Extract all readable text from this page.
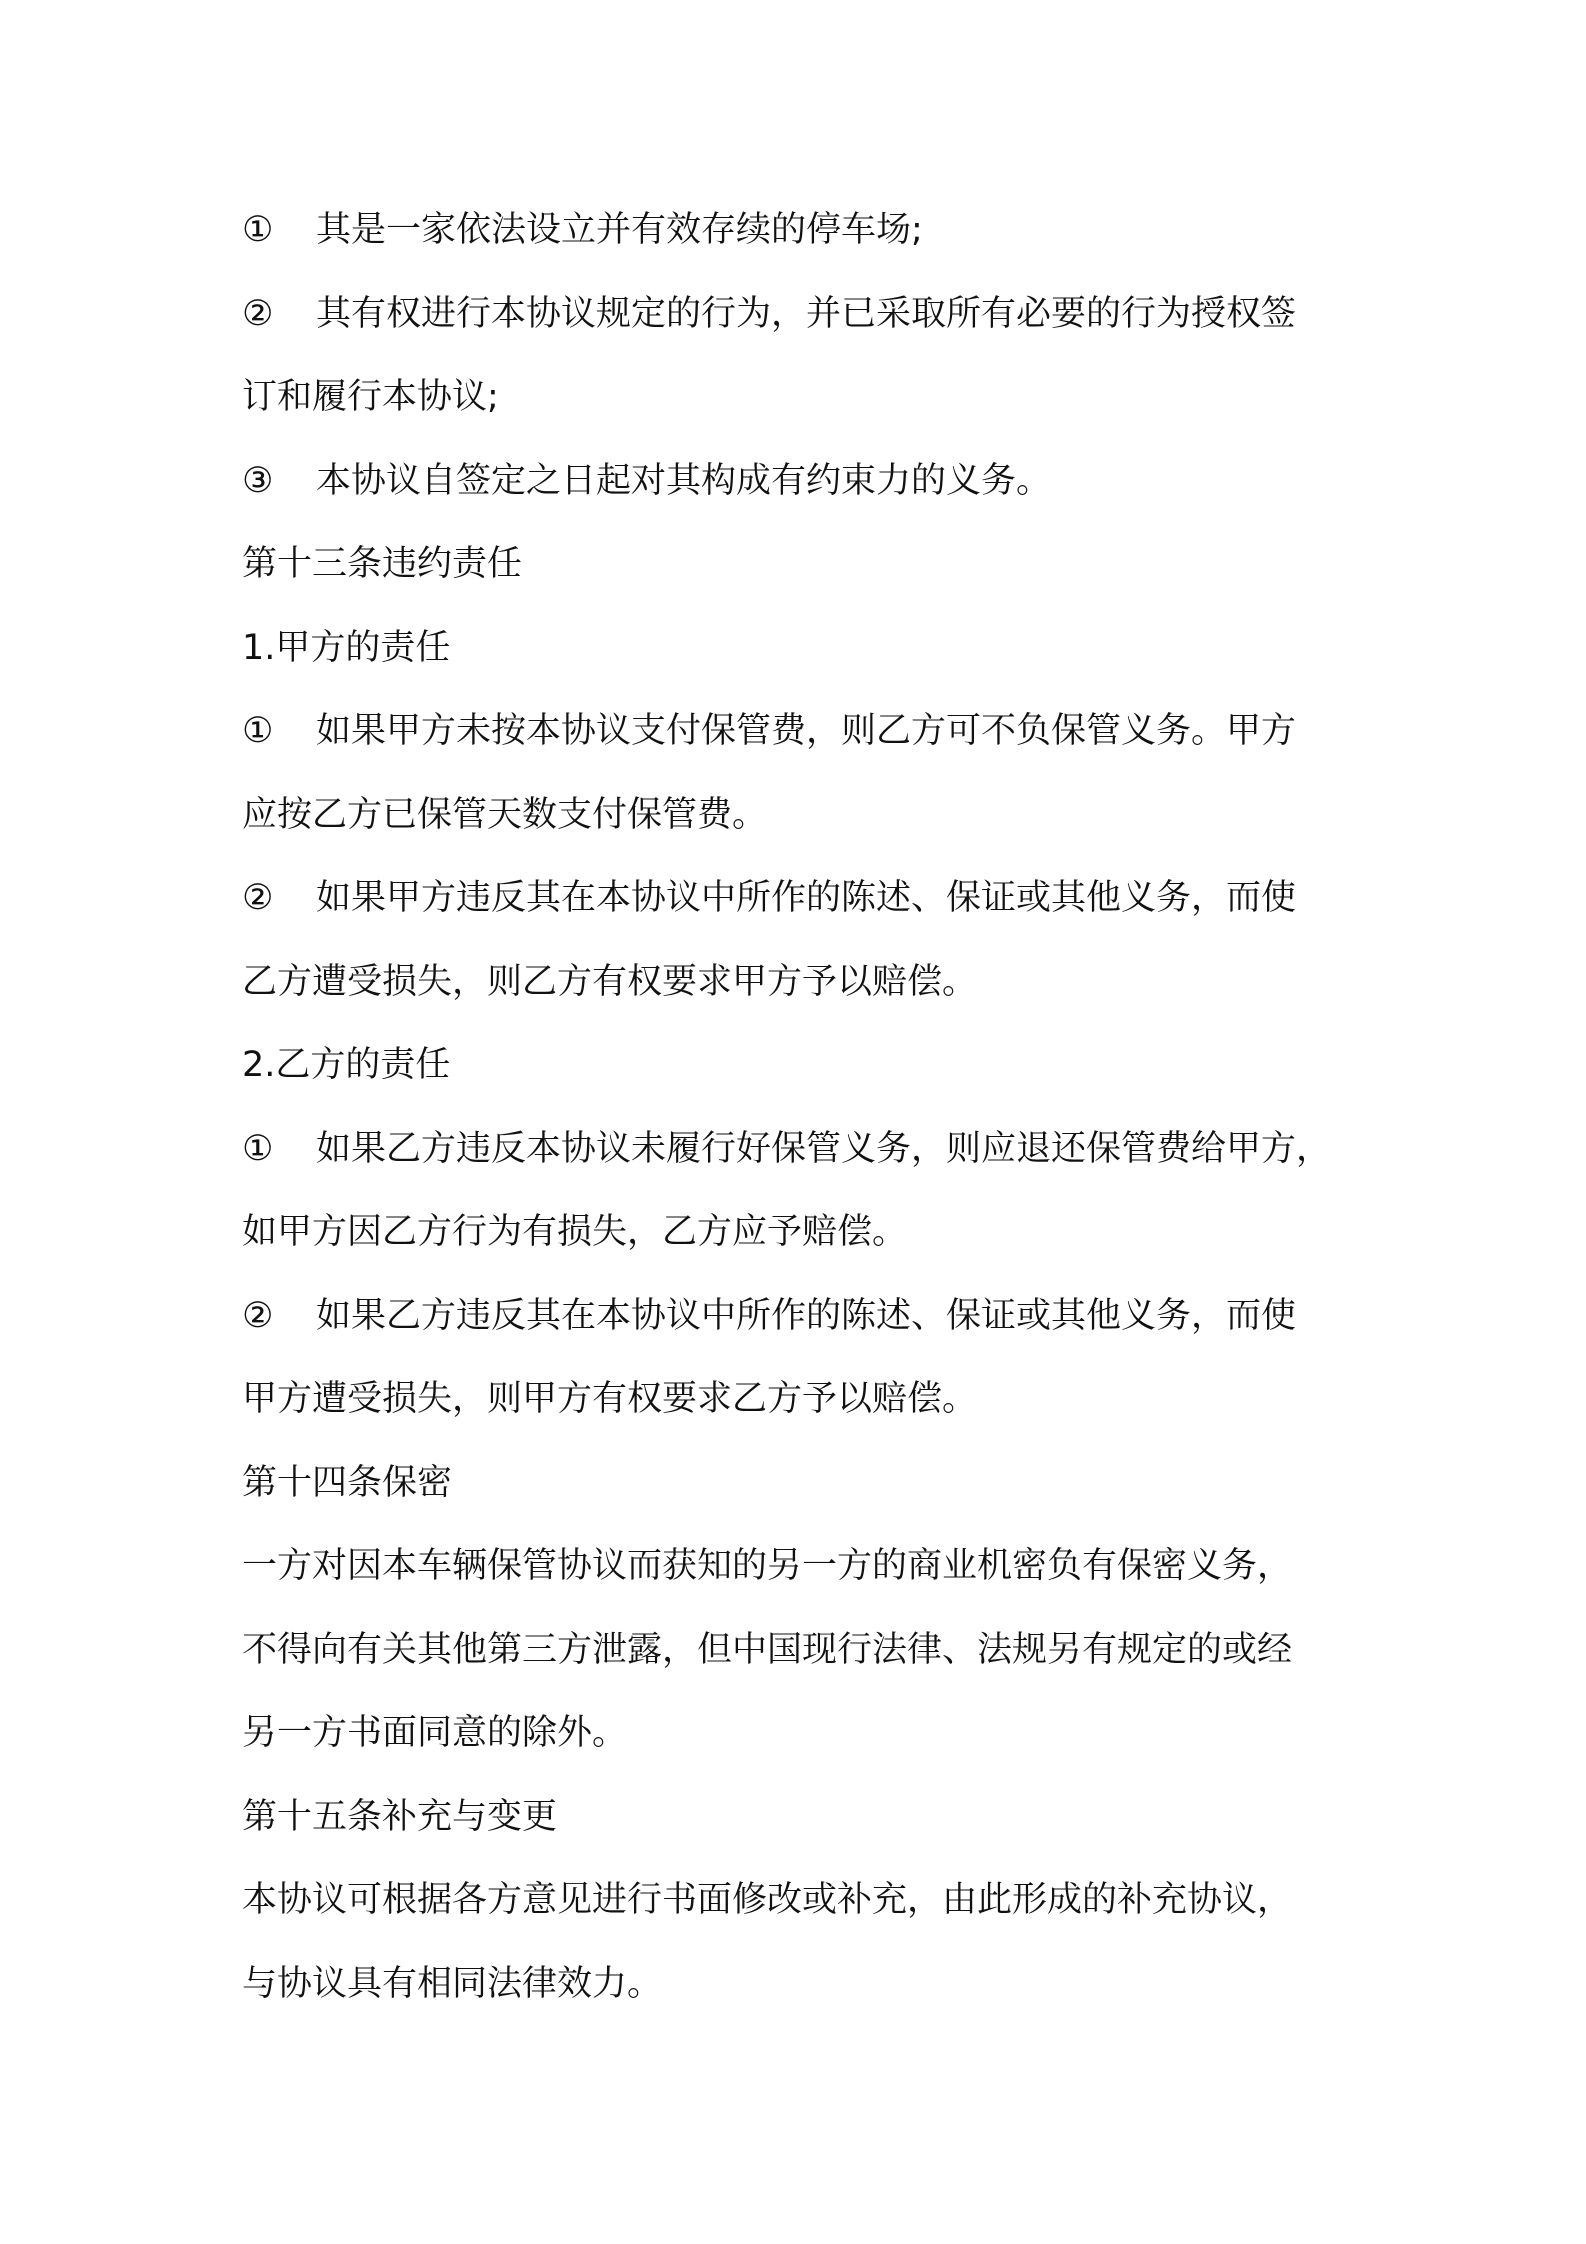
① 其是一家依法设立并有效存续的停车场;

② 其有权进行本协议规定的行为，并已采取所有必要的行为授权签

订和履行本协议;

③ 本协议自签定之日起对其构成有约束力的义务。

第十三条违约责任

1.甲方的责任

① 如果甲方未按本协议支付保管费，则乙方可不负保管义务。甲方

应按乙方已保管天数支付保管费。

② 如果甲方违反其在本协议中所作的陈述、保证或其他义务，而使

乙方遭受损失，则乙方有权要求甲方予以赔偿。

2.乙方的责任

① 如果乙方违反本协议未履行好保管义务，则应退还保管费给甲方，

如甲方因乙方行为有损失，乙方应予赔偿。

② 如果乙方违反其在本协议中所作的陈述、保证或其他义务，而使

甲方遭受损失，则甲方有权要求乙方予以赔偿。

第十四条保密

一方对因本车辆保管协议而获知的另一方的商业机密负有保密义务，

不得向有关其他第三方泄露，但中国现行法律、法规另有规定的或经

另一方书面同意的除外。

第十五条补充与变更

本协议可根据各方意见进行书面修改或补充，由此形成的补充协议，

与协议具有相同法律效力。
